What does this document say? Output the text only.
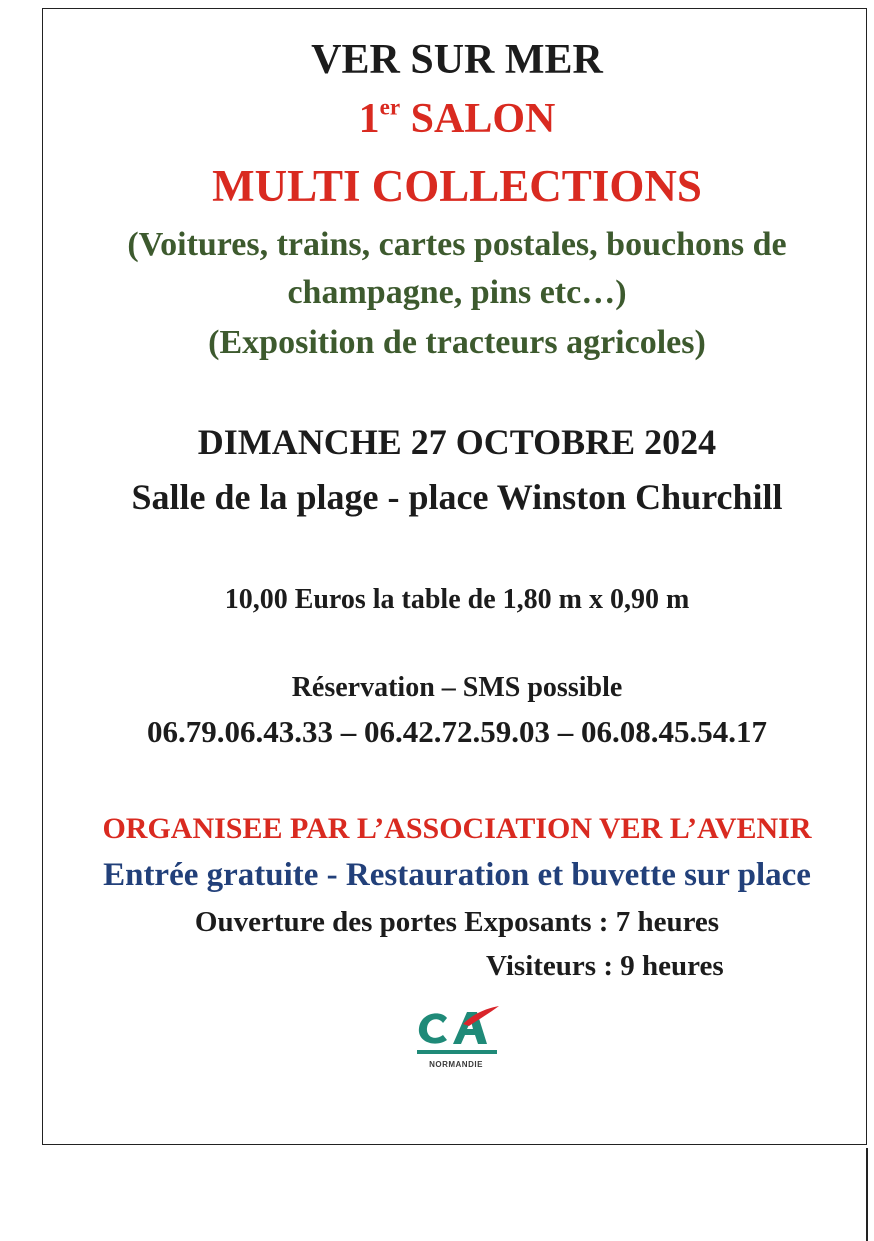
VER SUR MER
1er SALON
MULTI COLLECTIONS
(Voitures, trains, cartes postales, bouchons de
champagne, pins etc…)
(Exposition de tracteurs agricoles)
DIMANCHE 27 OCTOBRE 2024
Salle de la plage - place Winston Churchill
10,00 Euros la table de 1,80 m x 0,90 m
Réservation – SMS possible
06.79.06.43.33 – 06.42.72.59.03 – 06.08.45.54.17
ORGANISEE PAR L’ASSOCIATION VER L’AVENIR
Entrée gratuite - Restauration et buvette sur place
Ouverture des portes Exposants : 7 heures
Visiteurs : 9 heures
NORMANDIE
